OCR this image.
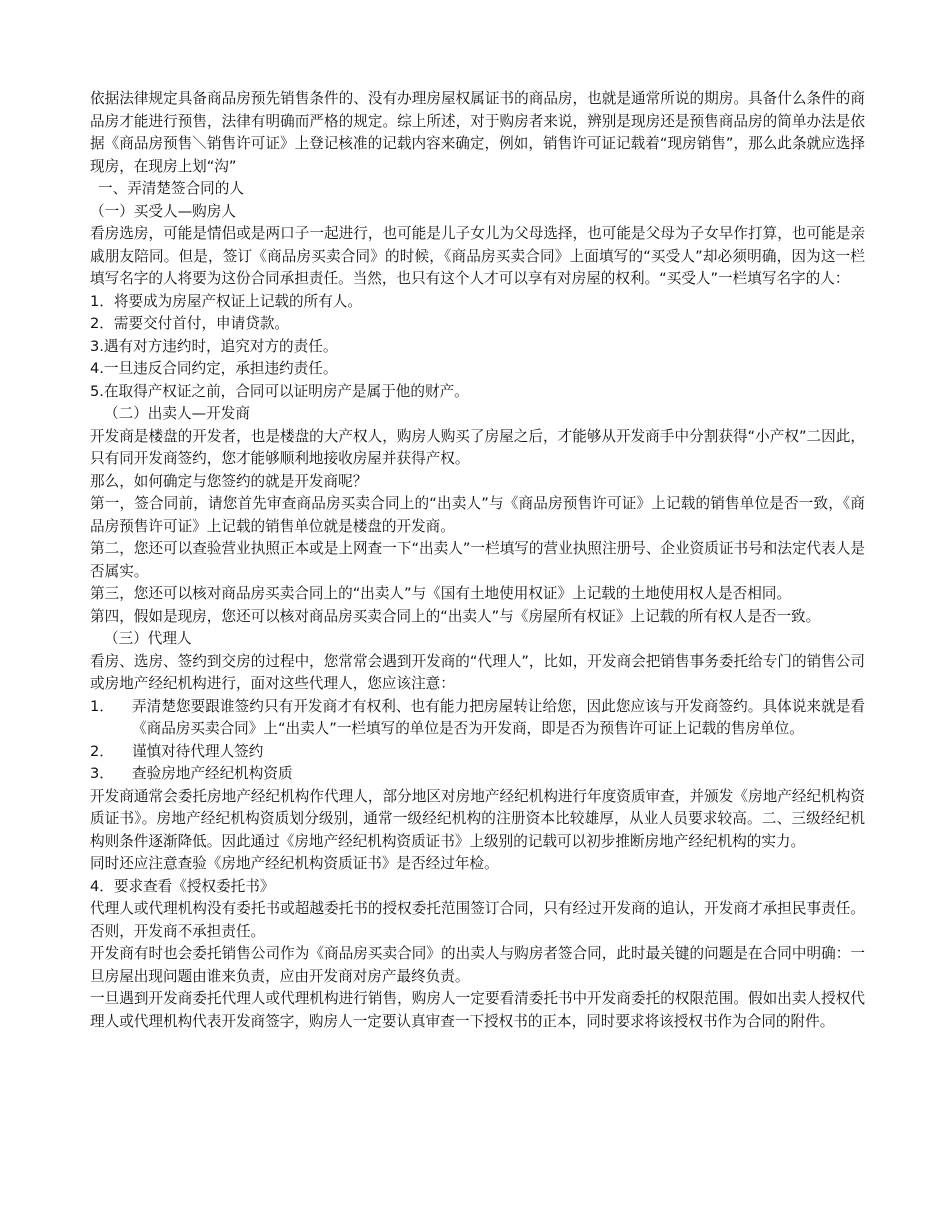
依据法律规定具备商品房预先销售条件的、没有办理房屋权属证书的商品房，也就是通常所说的期房。具备什么条件的商品房才能进行预售，法律有明确而严格的规定。综上所述，对于购房者来说，辨别是现房还是预售商品房的简单办法是依据《商品房预售＼销售许可证》上登记核准的记载内容来确定，例如，销售许可证记载着“现房销售”，那么此条就应选择现房，在现房上划“沟”

一、弄清楚签合同的人

（一）买受人—购房人

看房选房，可能是情侣或是两口子一起进行，也可能是儿子女儿为父母选择，也可能是父母为子女早作打算，也可能是亲戚朋友陪同。但是，签订《商品房买卖合同》的时候，《商品房买卖合同》上面填写的“买受人”却必须明确，因为这一栏填写名字的人将要为这份合同承担责任。当然，也只有这个人才可以享有对房屋的权利。“买受人”一栏填写名字的人：

1．将要成为房屋产权证上记载的所有人。

2．需要交付首付，申请贷款。

3.遇有对方违约时，追究对方的责任。

4.一旦违反合同约定，承担违约责任。

5.在取得产权证之前，合同可以证明房产是属于他的财产。

（二）出卖人—开发商

开发商是楼盘的开发者，也是楼盘的大产权人，购房人购买了房屋之后，才能够从开发商手中分割获得“小产权”二因此，只有同开发商签约，您才能够顺利地接收房屋并获得产权。

那么，如何确定与您签约的就是开发商呢？

第一，签合同前，请您首先审查商品房买卖合同上的“出卖人”与《商品房预售许可证》上记载的销售单位是否一致，《商品房预售许可证》上记载的销售单位就是楼盘的开发商。

第二，您还可以查验营业执照正本或是上网查一下“出卖人”一栏填写的营业执照注册号、企业资质证书号和法定代表人是否属实。

第三，您还可以核对商品房买卖合同上的“出卖人”与《国有土地使用权证》上记载的土地使用权人是否相同。

第四，假如是现房，您还可以核对商品房买卖合同上的“出卖人”与《房屋所有权证》上记载的所有权人是否一致。

（三）代理人

看房、选房、签约到交房的过程中，您常常会遇到开发商的“代理人”，比如，开发商会把销售事务委托给专门的销售公司或房地产经纪机构进行，面对这些代理人，您应该注意：

1．	弄清楚您要跟谁签约只有开发商才有权利、也有能力把房屋转让给您，因此您应该与开发商签约。具体说来就是看《商品房买卖合同》上“出卖人”一栏填写的单位是否为开发商，即是否为预售许可证上记载的售房单位。
2．	谨慎对待代理人签约
3．	查验房地产经纪机构资质

开发商通常会委托房地产经纪机构作代理人，部分地区对房地产经纪机构进行年度资质审查，并颁发《房地产经纪机构资质证书》。房地产经纪机构资质划分级别，通常一级经纪机构的注册资本比较雄厚，从业人员要求较高。二、三级经纪机构则条件逐渐降低。因此通过《房地产经纪机构资质证书》上级别的记载可以初步推断房地产经纪机构的实力。

同时还应注意查验《房地产经纪机构资质证书》是否经过年检。

4．要求查看《授权委托书》

代理人或代理机构没有委托书或超越委托书的授权委托范围签订合同，只有经过开发商的追认，开发商才承担民事责任。否则，开发商不承担责任。

开发商有时也会委托销售公司作为《商品房买卖合同》的出卖人与购房者签合同，此时最关键的问题是在合同中明确：一旦房屋出现问题由谁来负责，应由开发商对房产最终负责。

一旦遇到开发商委托代理人或代理机构进行销售，购房人一定要看清委托书中开发商委托的权限范围。假如出卖人授权代理人或代理机构代表开发商签字，购房人一定要认真审查一下授权书的正本，同时要求将该授权书作为合同的附件。
